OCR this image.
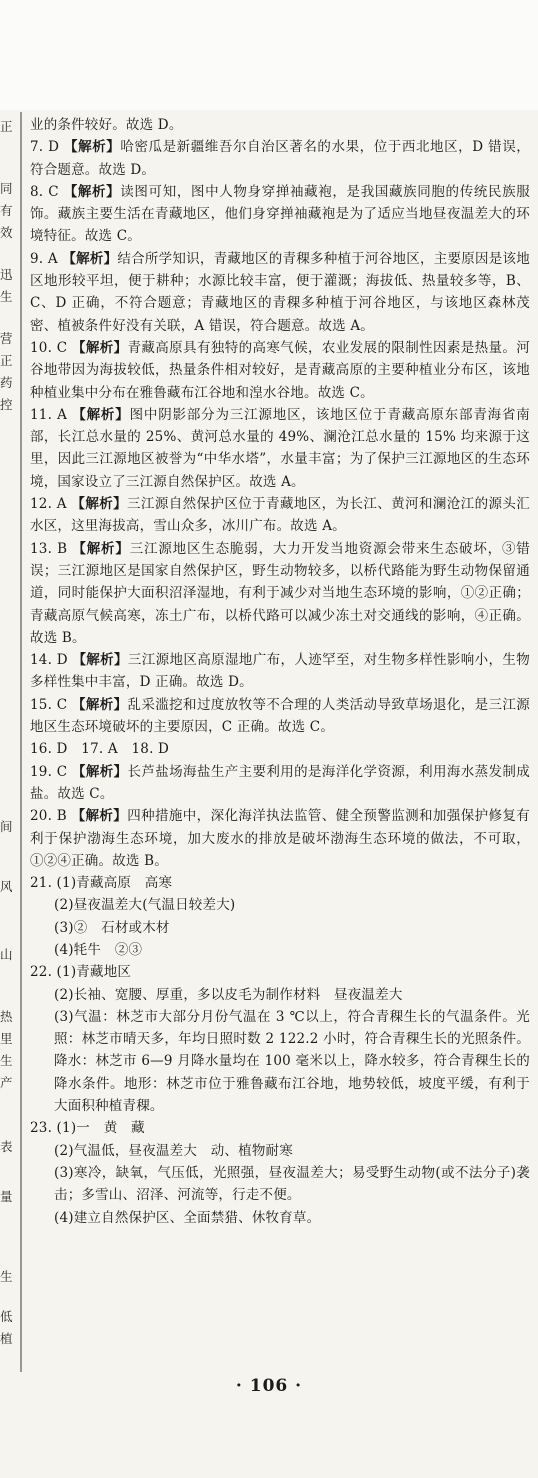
正
同
有
效
迅
生
营
正
药
控
间
风
山
热
里
生
产
表
量
生
低
植

业的条件较好。故选 D。

7. D 【解析】哈密瓜是新疆维吾尔自治区著名的水果，位于西北地区，D 错误，符合题意。故选 D。

8. C 【解析】读图可知，图中人物身穿掸袖藏袍，是我国藏族同胞的传统民族服饰。藏族主要生活在青藏地区，他们身穿掸袖藏袍是为了适应当地昼夜温差大的环境特征。故选 C。

9. A 【解析】结合所学知识，青藏地区的青稞多种植于河谷地区，主要原因是该地区地形较平坦，便于耕种；水源比较丰富，便于灌溉；海拔低、热量较多等，B、C、D 正确，不符合题意；青藏地区的青稞多种植于河谷地区，与该地区森林茂密、植被条件好没有关联，A 错误，符合题意。故选 A。

10. C 【解析】青藏高原具有独特的高寒气候，农业发展的限制性因素是热量。河谷地带因为海拔较低，热量条件相对较好，是青藏高原的主要种植业分布区，该地种植业集中分布在雅鲁藏布江谷地和湟水谷地。故选 C。

11. A 【解析】图中阴影部分为三江源地区，该地区位于青藏高原东部青海省南部，长江总水量的 25%、黄河总水量的 49%、澜沧江总水量的 15% 均来源于这里，因此三江源地区被誉为“中华水塔”，水量丰富；为了保护三江源地区的生态环境，国家设立了三江源自然保护区。故选 A。

12. A 【解析】三江源自然保护区位于青藏地区，为长江、黄河和澜沧江的源头汇水区，这里海拔高，雪山众多，冰川广布。故选 A。

13. B 【解析】三江源地区生态脆弱，大力开发当地资源会带来生态破坏，③错误；三江源地区是国家自然保护区，野生动物较多，以桥代路能为野生动物保留通道，同时能保护大面积沼泽湿地，有利于减少对当地生态环境的影响，①②正确；青藏高原气候高寒，冻土广布，以桥代路可以减少冻土对交通线的影响，④正确。故选 B。

14. D 【解析】三江源地区高原湿地广布，人迹罕至，对生物多样性影响小，生物多样性集中丰富，D 正确。故选 D。

15. C 【解析】乱采滥挖和过度放牧等不合理的人类活动导致草场退化，是三江源地区生态环境破坏的主要原因，C 正确。故选 C。

16. D　17. A　18. D

19. C 【解析】长芦盐场海盐生产主要利用的是海洋化学资源，利用海水蒸发制成盐。故选 C。

20. B 【解析】四种措施中，深化海洋执法监管、健全预警监测和加强保护修复有利于保护渤海生态环境，加大废水的排放是破坏渤海生态环境的做法，不可取，①②④正确。故选 B。

21. (1)青藏高原　高寒

(2)昼夜温差大(气温日较差大)

(3)②　石材或木材

(4)牦牛　②③

22. (1)青藏地区

(2)长袖、宽腰、厚重，多以皮毛为制作材料　昼夜温差大

(3)气温：林芝市大部分月份气温在 3 ℃以上，符合青稞生长的气温条件。光照：林芝市晴天多，年均日照时数 2 122.2 小时，符合青稞生长的光照条件。降水：林芝市 6—9 月降水量均在 100 毫米以上，降水较多，符合青稞生长的降水条件。地形：林芝市位于雅鲁藏布江谷地，地势较低，坡度平缓，有利于大面积种植青稞。

23. (1)一　黄　藏

(2)气温低，昼夜温差大　动、植物耐寒

(3)寒冷，缺氧，气压低，光照强，昼夜温差大；易受野生动物(或不法分子)袭击；多雪山、沼泽、河流等，行走不便。

(4)建立自然保护区、全面禁猎、休牧育草。

· 106 ·
